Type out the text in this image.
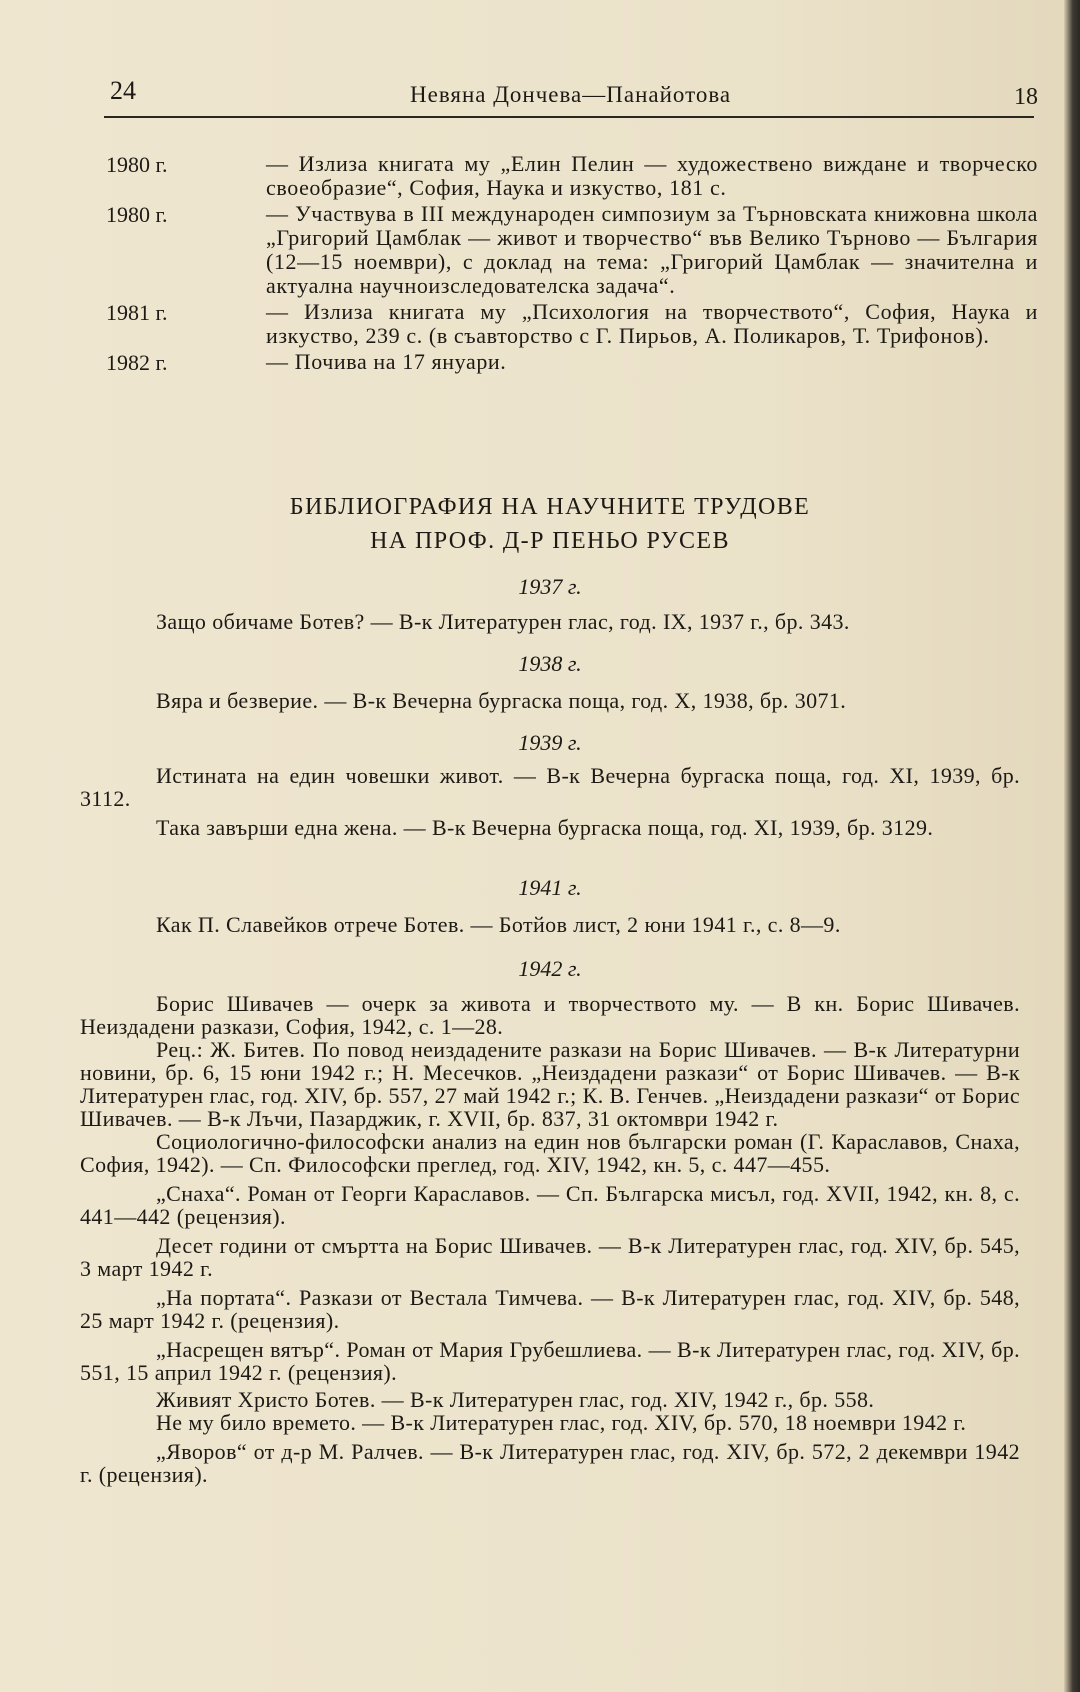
24	Невяна Дончева—Панайотова	18
1980 г.	— Излиза книгата му „Елин Пелин — художествено виждане и творческо своеобразие“, София, Наука и изкуство, 181 с.
1980 г.	— Участвува в III международен симпозиум за Търновската книжовна школа „Григорий Цамблак — живот и творчество“ във Велико Търново — България (12—15 ноември), с доклад на тема: „Григорий Цамблак — значителна и актуална научноизследователска задача“.
1981 г.	— Излиза книгата му „Психология на творчеството“, София, Наука и изкуство, 239 с. (в съавторство с Г. Пирьов, А. Поликаров, Т. Трифонов).
1982 г.	— Почива на 17 януари.
БИБЛИОГРАФИЯ НА НАУЧНИТЕ ТРУДОВЕ
НА ПРОФ. Д-Р ПЕНЬО РУСЕВ
1937 г.

Защо обичаме Ботев? — В-к Литературен глас, год. IX, 1937 г., бр. 343.

1938 г.

Вяра и безверие. — В-к Вечерна бургаска поща, год. X, 1938, бр. 3071.

1939 г.

Истината на един човешки живот. — В-к Вечерна бургаска поща, год. XI, 1939, бр. 3112.

Така завърши една жена. — В-к Вечерна бургаска поща, год. XI, 1939, бр. 3129.

1941 г.

Как П. Славейков отрече Ботев. — Ботйов лист, 2 юни 1941 г., с. 8—9.

1942 г.

Борис Шивачев — очерк за живота и творчеството му. — В кн. Борис Шивачев. Неиздадени разкази, София, 1942, с. 1—28.

Рец.: Ж. Битев. По повод неиздадените разкази на Борис Шивачев. — В-к Литературни новини, бр. 6, 15 юни 1942 г.; Н. Месечков. „Неиздадени разкази“ от Борис Шивачев. — В-к Литературен глас, год. XIV, бр. 557, 27 май 1942 г.; К. В. Генчев. „Неиздадени разкази“ от Борис Шивачев. — В-к Лъчи, Пазарджик, г. XVII, бр. 837, 31 октомври 1942 г.

Социологично-философски анализ на един нов български роман (Г. Караславов, Снаха, София, 1942). — Сп. Философски преглед, год. XIV, 1942, кн. 5, с. 447—455.

„Снаха“. Роман от Георги Караславов. — Сп. Българска мисъл, год. XVII, 1942, кн. 8, с. 441—442 (рецензия).

Десет години от смъртта на Борис Шивачев. — В-к Литературен глас, год. XIV, бр. 545, 3 март 1942 г.

„На портата“. Разкази от Вестала Тимчева. — В-к Литературен глас, год. XIV, бр. 548, 25 март 1942 г. (рецензия).

„Насрещен вятър“. Роман от Мария Грубешлиева. — В-к Литературен глас, год. XIV, бр. 551, 15 април 1942 г. (рецензия).

Живият Христо Ботев. — В-к Литературен глас, год. XIV, 1942 г., бр. 558.

Не му било времето. — В-к Литературен глас, год. XIV, бр. 570, 18 ноември 1942 г.

„Яворов“ от д-р М. Ралчев. — В-к Литературен глас, год. XIV, бр. 572, 2 декември 1942 г. (рецензия).
